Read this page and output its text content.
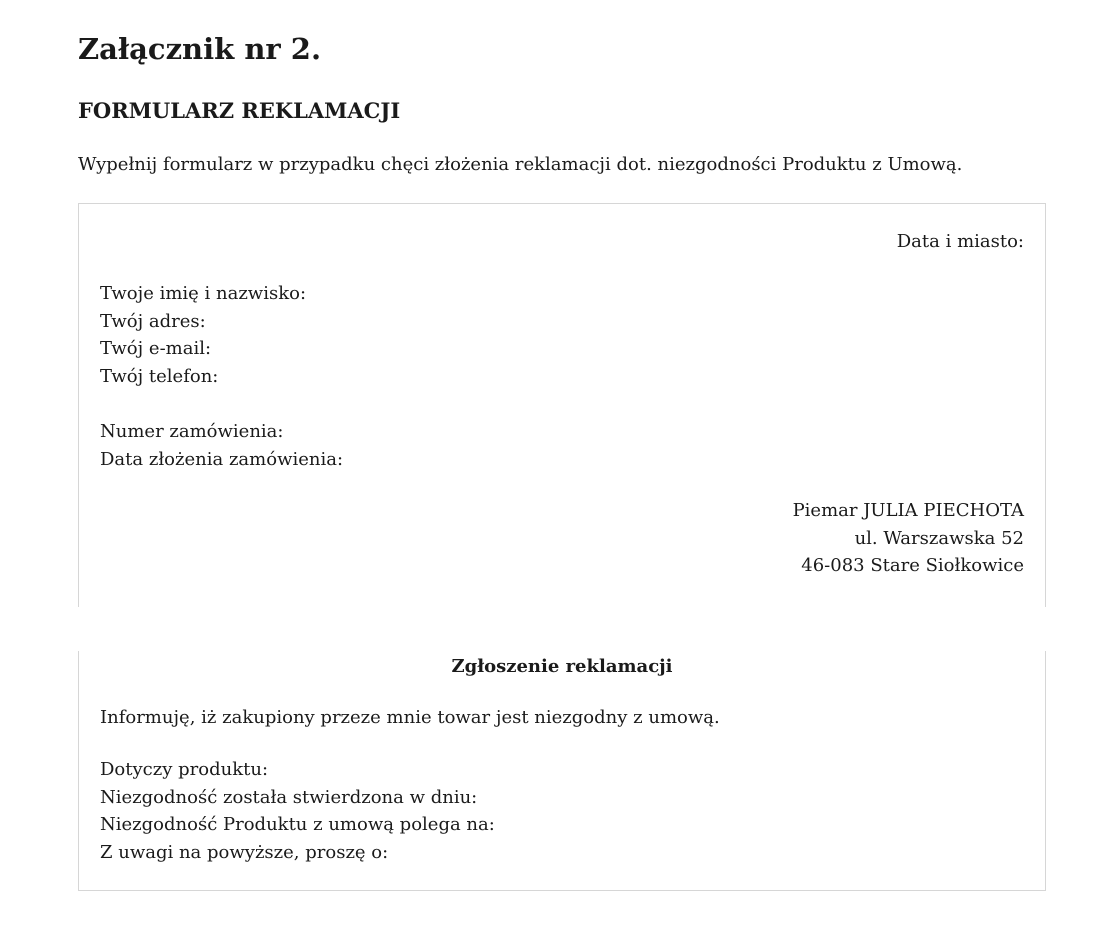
Załącznik nr 2.
FORMULARZ REKLAMACJI

Wypełnij formularz w przypadku chęci złożenia reklamacji dot. niezgodności Produktu z Umową.

Data i miasto:
Twoje imię i nazwisko:
Twój adres:
Twój e-mail:
Twój telefon:
Numer zamówienia:
Data złożenia zamówienia:
Piemar JULIA PIECHOTA
ul. Warszawska 52
46-083 Stare Siołkowice
Zgłoszenie reklamacji
Informuję, iż zakupiony przeze mnie towar jest niezgodny z umową.
Dotyczy produktu:
Niezgodność została stwierdzona w dniu:
Niezgodność Produktu z umową polega na:
Z uwagi na powyższe, proszę o:
